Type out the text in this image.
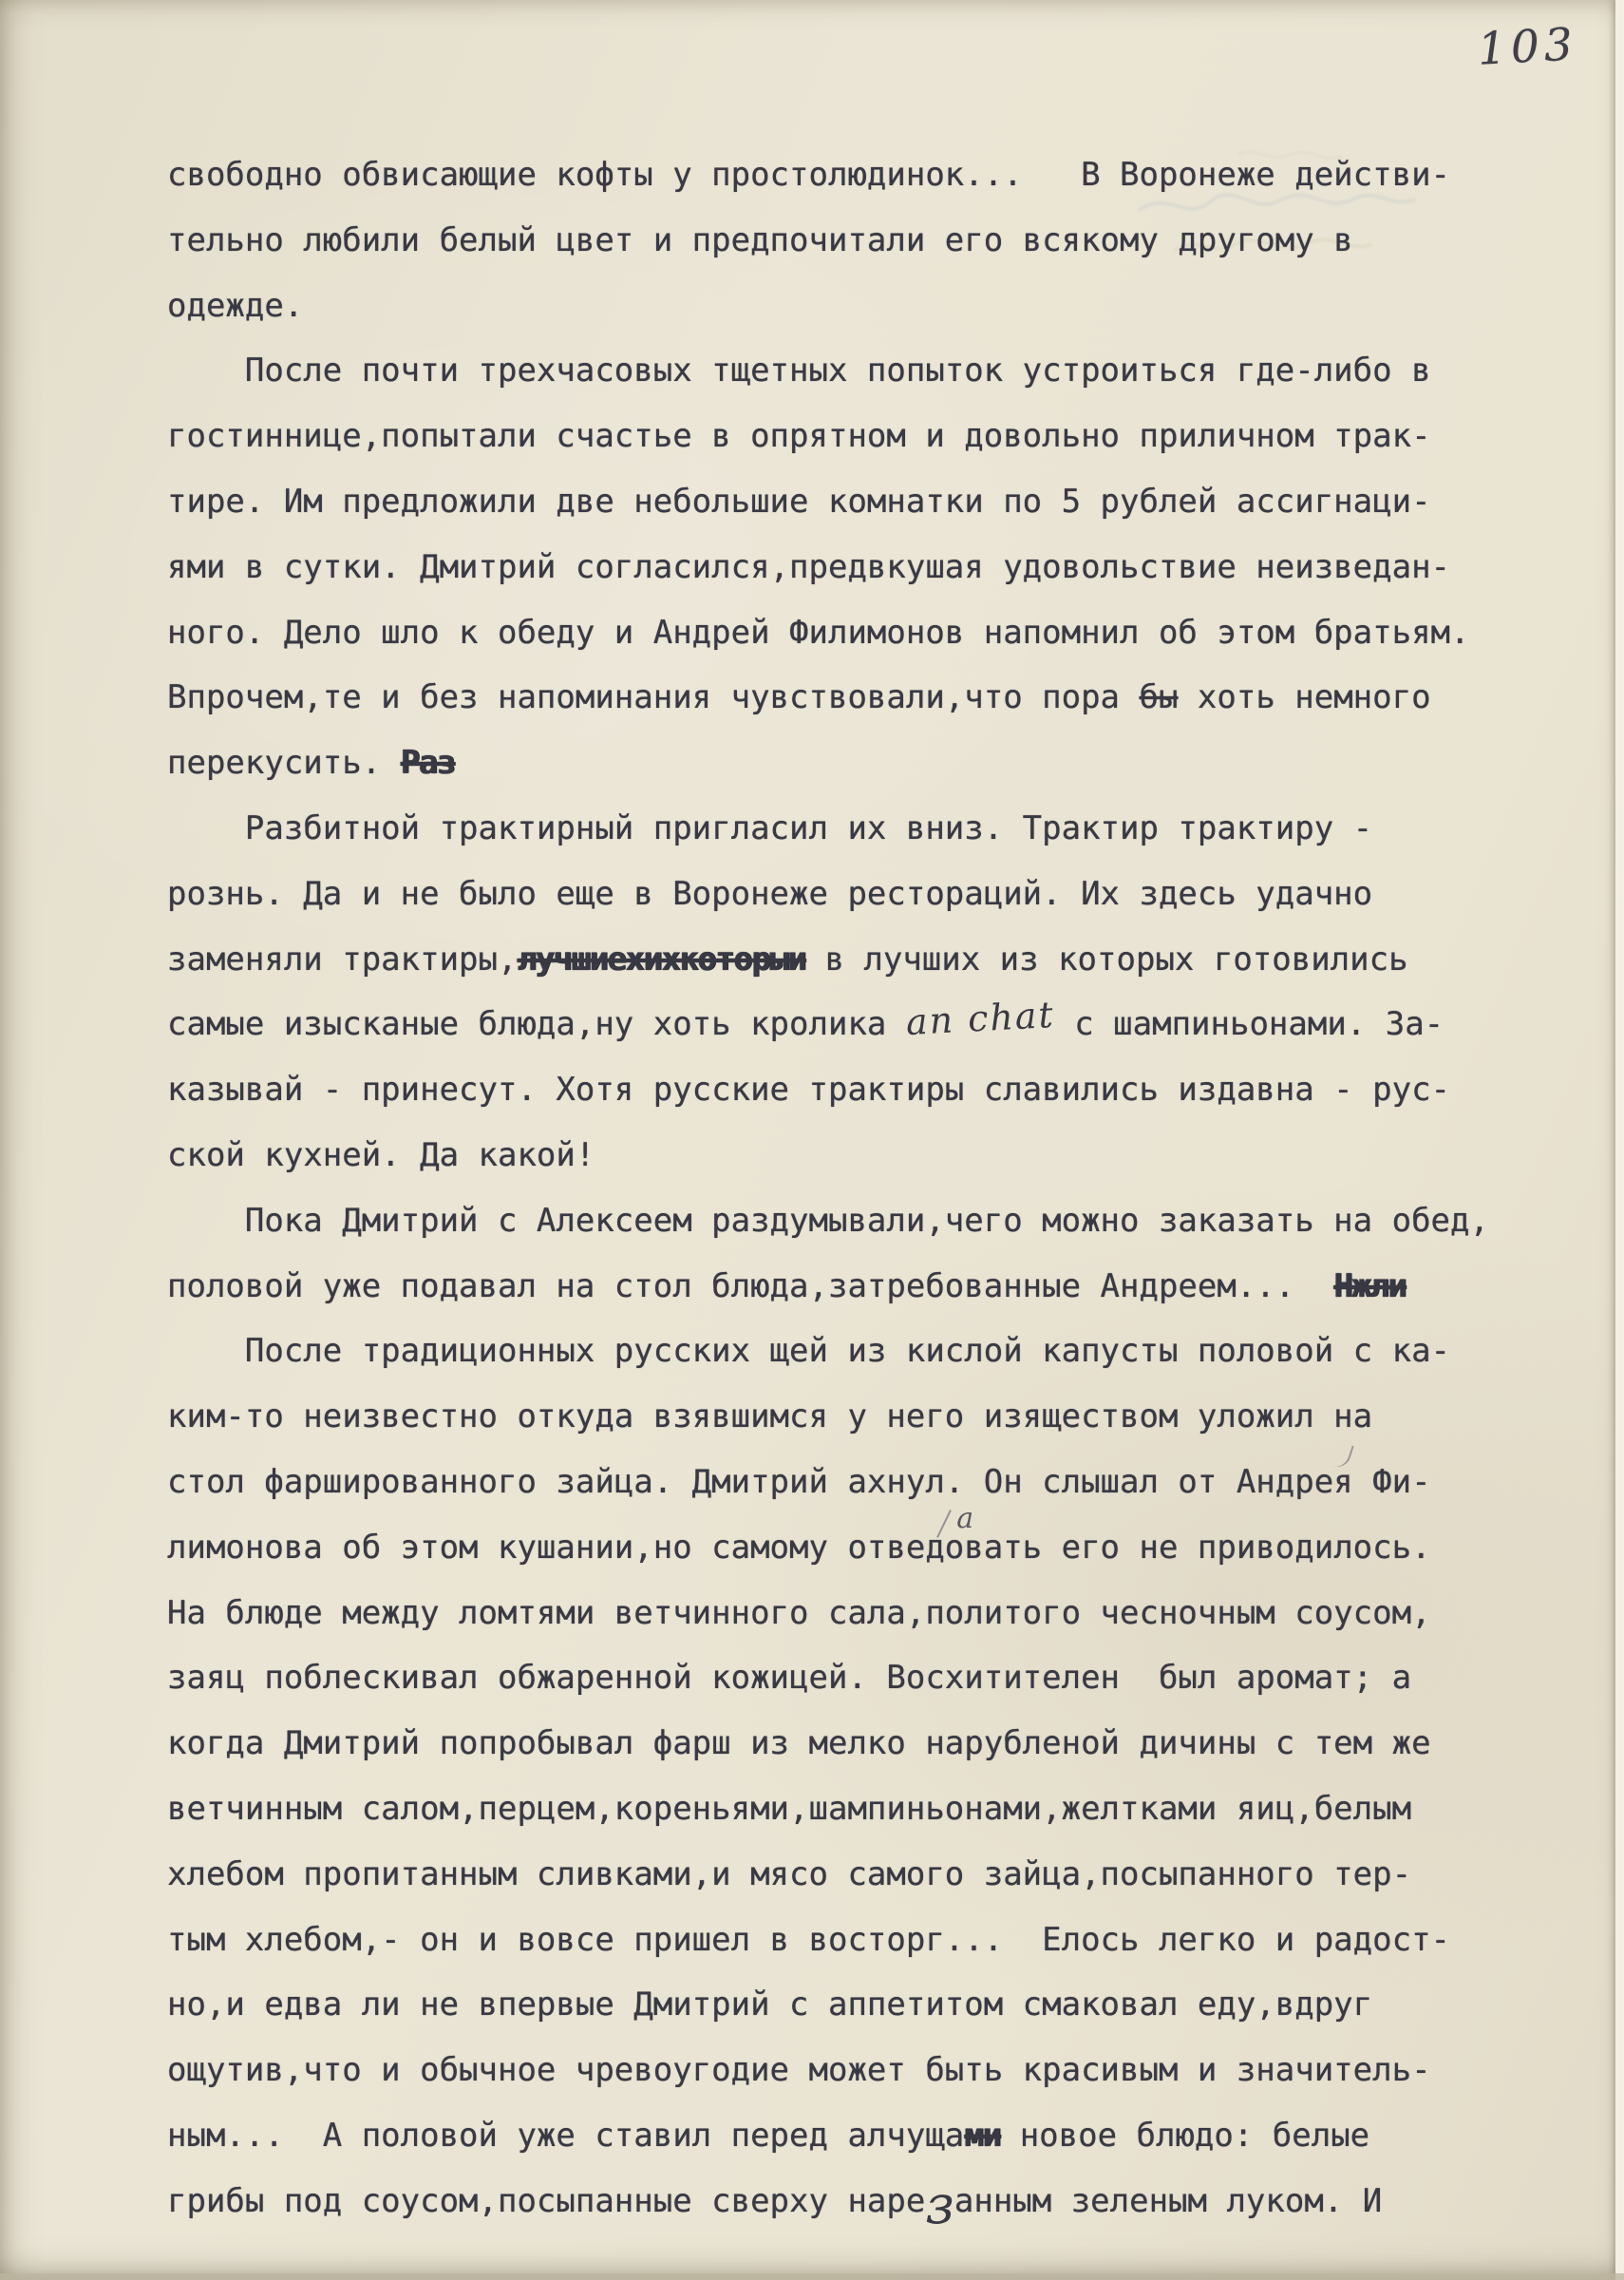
103
свободно обвисающие кофты у простолюдинок...   В Воронеже действи-
тельно любили белый цвет и предпочитали его всякому другому в
одежде.
После почти трехчасовых тщетных попыток устроиться где-либо в
гостиннице,попытали счастье в опрятном и довольно приличном трак-
тире. Им предложили две небольшие комнатки по 5 рублей ассигнаци-
ями в сутки. Дмитрий согласился,предвкушая удовольствие неизведан-
ного. Дело шло к обеду и Андрей Филимонов напомнил об этом братьям.
Впрочем,те и без напоминания чувствовали,что пора бы хоть немного
перекусить. Раз
Разбитной трактирный пригласил их вниз. Трактир трактиру -
рознь. Да и не было еще в Воронеже рестораций. Их здесь удачно
заменяли трактиры,лучшиехихкоторыи в лучших из которых готовились
самые изысканые блюда,ну хоть кролика an chat с шампиньонами. За-
казывай - принесут. Хотя русские трактиры славились издавна - рус-
ской кухней. Да какой!
Пока Дмитрий с Алексеем раздумывали,чего можно заказать на обед,
половой уже подавал на стол блюда,затребованные Андреем...  Нжли
После традиционных русских щей из кислой капусты половой с ка-
ким-то неизвестно откуда взявшимся у него изяществом уложил на
стол фаршированного зайца. Дмитрий ахнул. Он слышал от Андрея Фи-
лимонова об этом кушании,но самому отведоавать его не приводилось.
На блюде между ломтями ветчинного сала,политого чесночным соусом,
заяц поблескивал обжаренной кожицей. Восхитителен  был аромат; а
когда Дмитрий попробывал фарш из мелко нарубленой дичины с тем же
ветчинным салом,перцем,кореньями,шампиньонами,желтками яиц,белым
хлебом пропитанным сливками,и мясо самого зайца,посыпанного тер-
тым хлебом,- он и вовсе пришел в восторг...  Елось легко и радост-
но,и едва ли не впервые Дмитрий с аппетитом смаковал еду,вдруг
ощутив,что и обычное чревоугодие может быть красивым и значитель-
ным...  А половой уже ставил перед алчущами новое блюдо: белые
грибы под соусом,посыпанные сверху нарезанным зеленым луком. И
